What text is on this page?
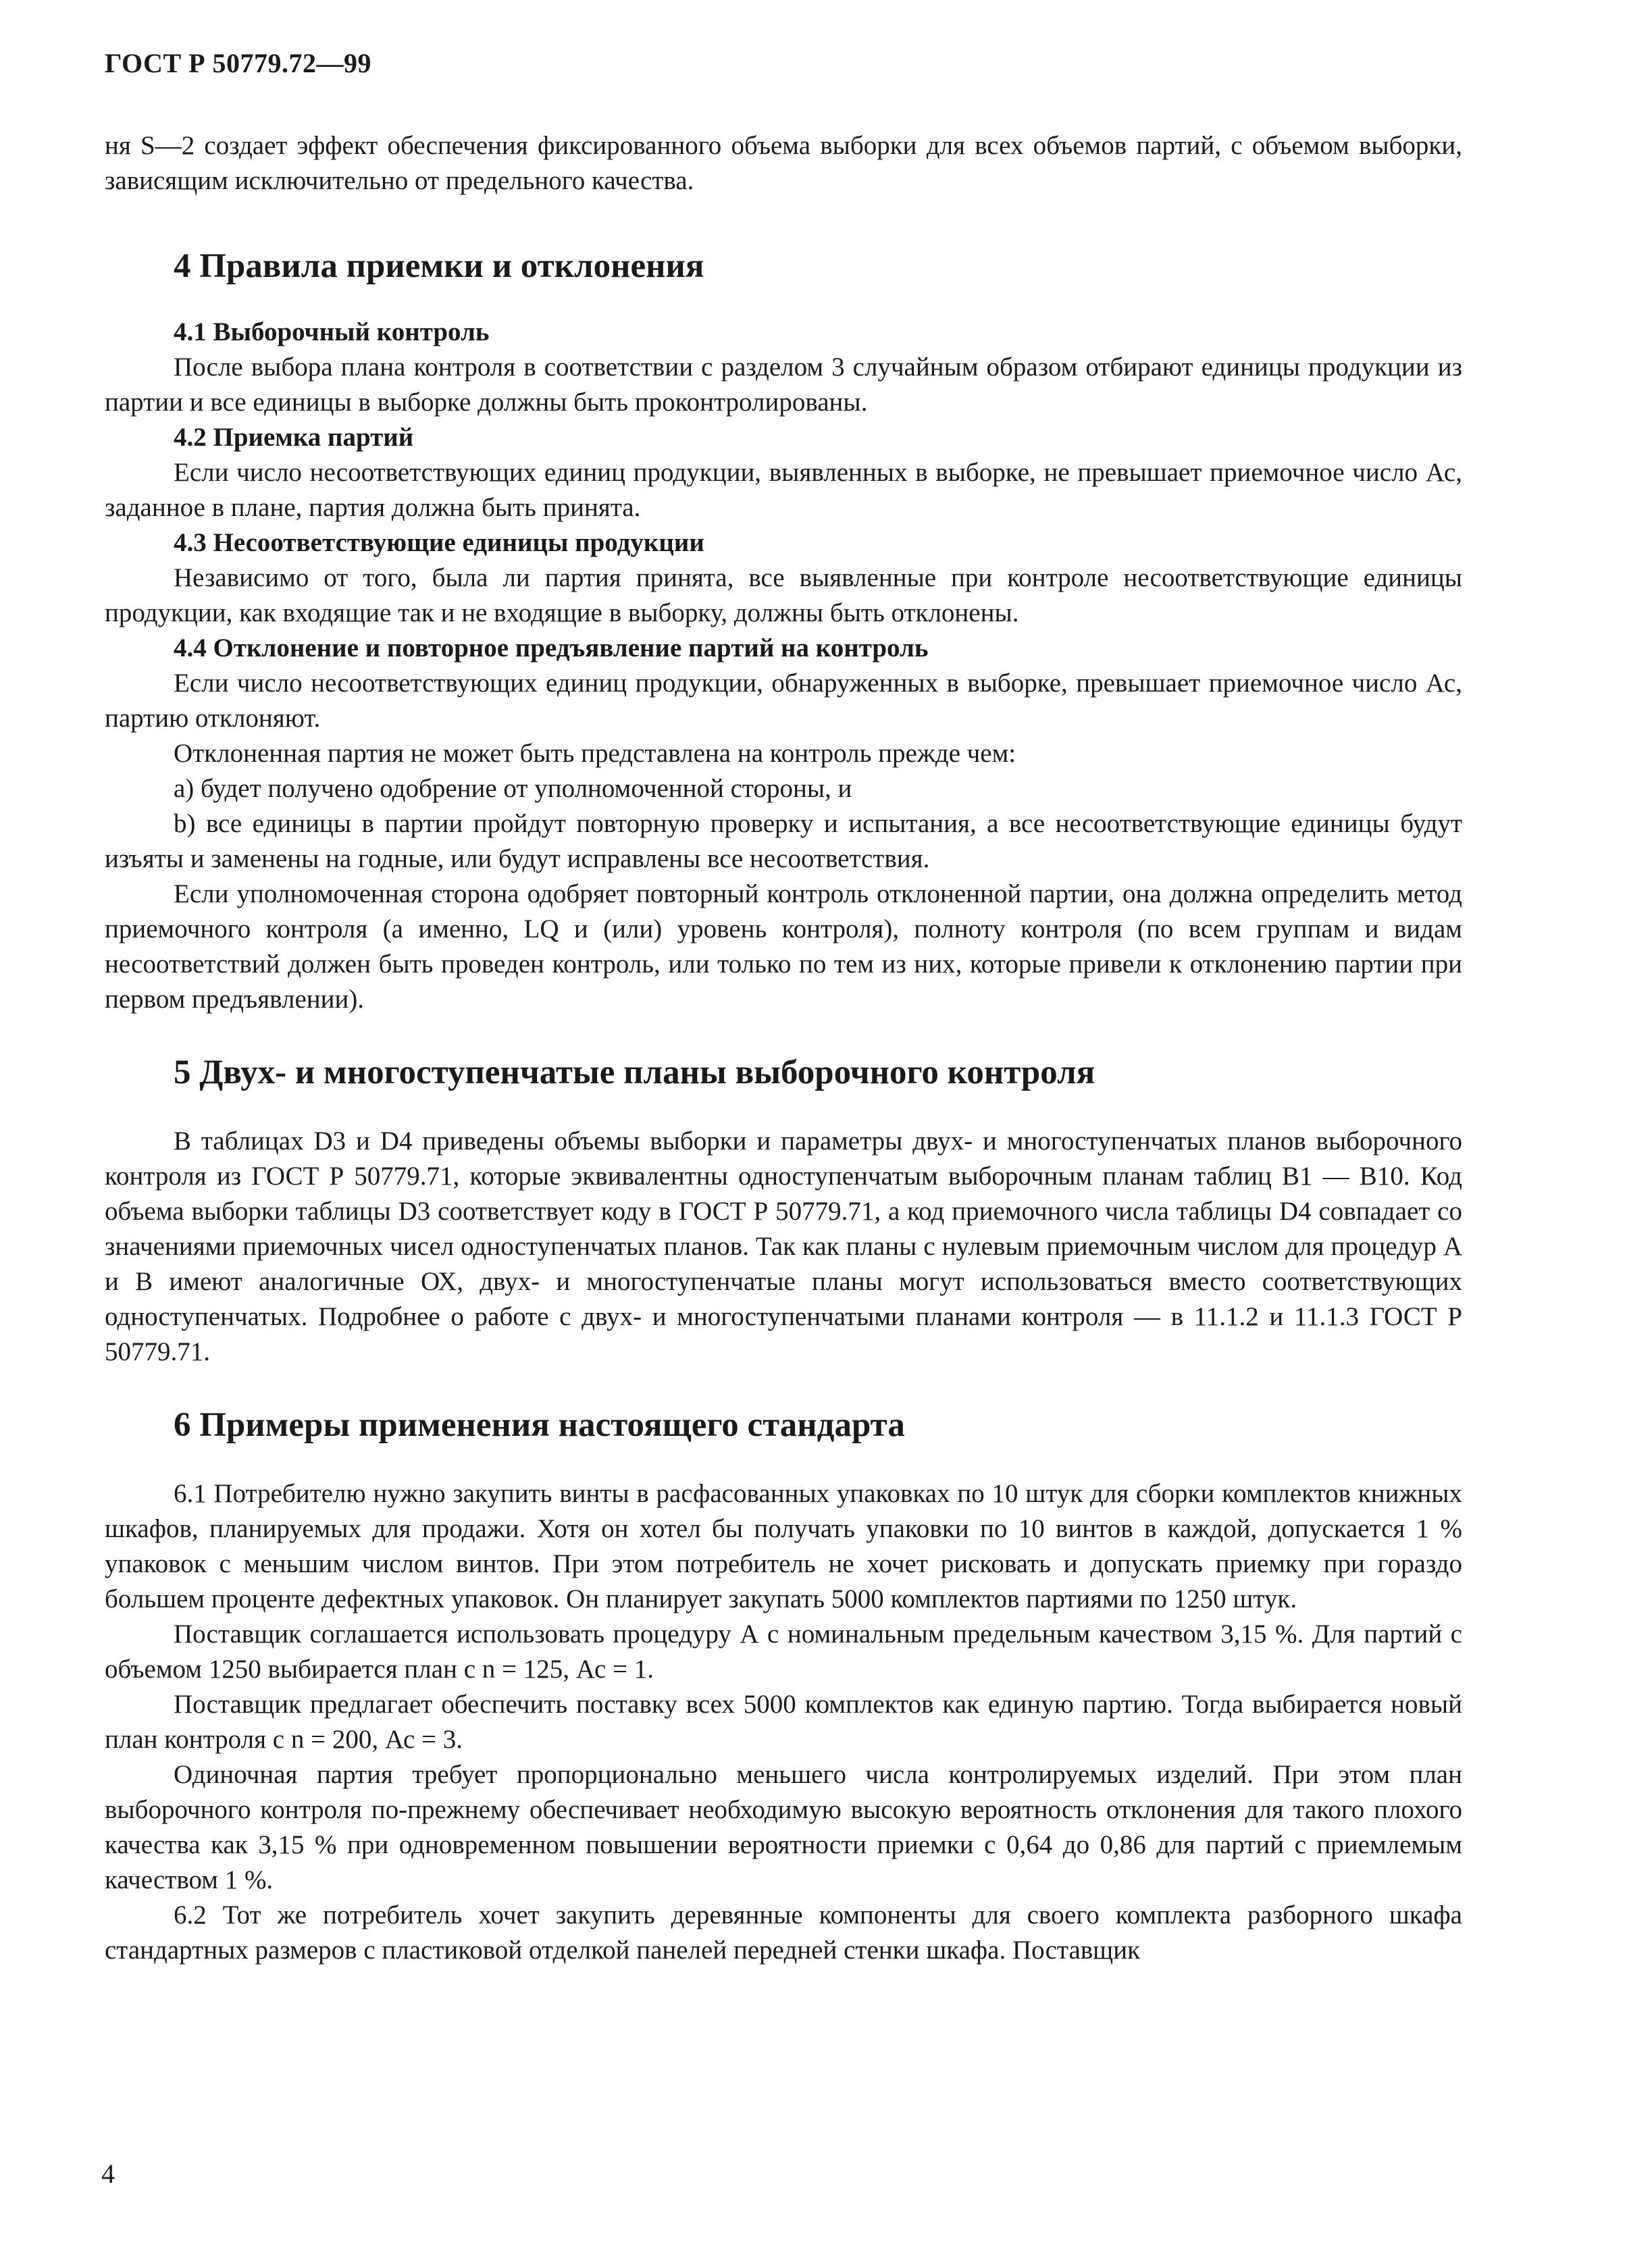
ГОСТ Р 50779.72—99

ня S—2 создает эффект обеспечения фиксированного объема выборки для всех объемов партий, с объемом выборки, зависящим исключительно от предельного качества.

4 Правила приемки и отклонения
4.1 Выборочный контроль

После выбора плана контроля в соответствии с разделом 3 случайным образом отбирают единицы продукции из партии и все единицы в выборке должны быть проконтролированы.

4.2 Приемка партий

Если число несоответствующих единиц продукции, выявленных в выборке, не превышает приемочное число Ас, заданное в плане, партия должна быть принята.

4.3 Несоответствующие единицы продукции

Независимо от того, была ли партия принята, все выявленные при контроле несоответствующие единицы продукции, как входящие так и не входящие в выборку, должны быть отклонены.

4.4 Отклонение и повторное предъявление партий на контроль

Если число несоответствующих единиц продукции, обнаруженных в выборке, превышает приемочное число Ас, партию отклоняют.

Отклоненная партия не может быть представлена на контроль прежде чем:

а) будет получено одобрение от уполномоченной стороны, и

b) все единицы в партии пройдут повторную проверку и испытания, а все несоответствующие единицы будут изъяты и заменены на годные, или будут исправлены все несоответствия.

Если уполномоченная сторона одобряет повторный контроль отклоненной партии, она должна определить метод приемочного контроля (а именно, LQ и (или) уровень контроля), полноту контроля (по всем группам и видам несоответствий должен быть проведен контроль, или только по тем из них, которые привели к отклонению партии при первом предъявлении).

5 Двух- и многоступенчатые планы выборочного контроля

В таблицах D3 и D4 приведены объемы выборки и параметры двух- и многоступенчатых планов выборочного контроля из ГОСТ Р 50779.71, которые эквивалентны одноступенчатым выборочным планам таблиц В1 — В10. Код объема выборки таблицы D3 соответствует коду в ГОСТ Р 50779.71, а код приемочного числа таблицы D4 совпадает со значениями приемочных чисел одноступенчатых планов. Так как планы с нулевым приемочным числом для процедур А и В имеют аналогичные ОХ, двух- и многоступенчатые планы могут использоваться вместо соответствующих одноступенчатых. Подробнее о работе с двух- и многоступенчатыми планами контроля — в 11.1.2 и 11.1.3 ГОСТ Р 50779.71.

6 Примеры применения настоящего стандарта

6.1 Потребителю нужно закупить винты в расфасованных упаковках по 10 штук для сборки комплектов книжных шкафов, планируемых для продажи. Хотя он хотел бы получать упаковки по 10 винтов в каждой, допускается 1 % упаковок с меньшим числом винтов. При этом потребитель не хочет рисковать и допускать приемку при гораздо большем проценте дефектных упаковок. Он планирует закупать 5000 комплектов партиями по 1250 штук.

Поставщик соглашается использовать процедуру А с номинальным предельным качеством 3,15 %. Для партий с объемом 1250 выбирается план с n = 125, Ас = 1.

Поставщик предлагает обеспечить поставку всех 5000 комплектов как единую партию. Тогда выбирается новый план контроля с n = 200, Ас = 3.

Одиночная партия требует пропорционально меньшего числа контролируемых изделий. При этом план выборочного контроля по-прежнему обеспечивает необходимую высокую вероятность отклонения для такого плохого качества как 3,15 % при одновременном повышении вероятности приемки с 0,64 до 0,86 для партий с приемлемым качеством 1 %.

6.2 Тот же потребитель хочет закупить деревянные компоненты для своего комплекта разборного шкафа стандартных размеров с пластиковой отделкой панелей передней стенки шкафа. Поставщик

4
